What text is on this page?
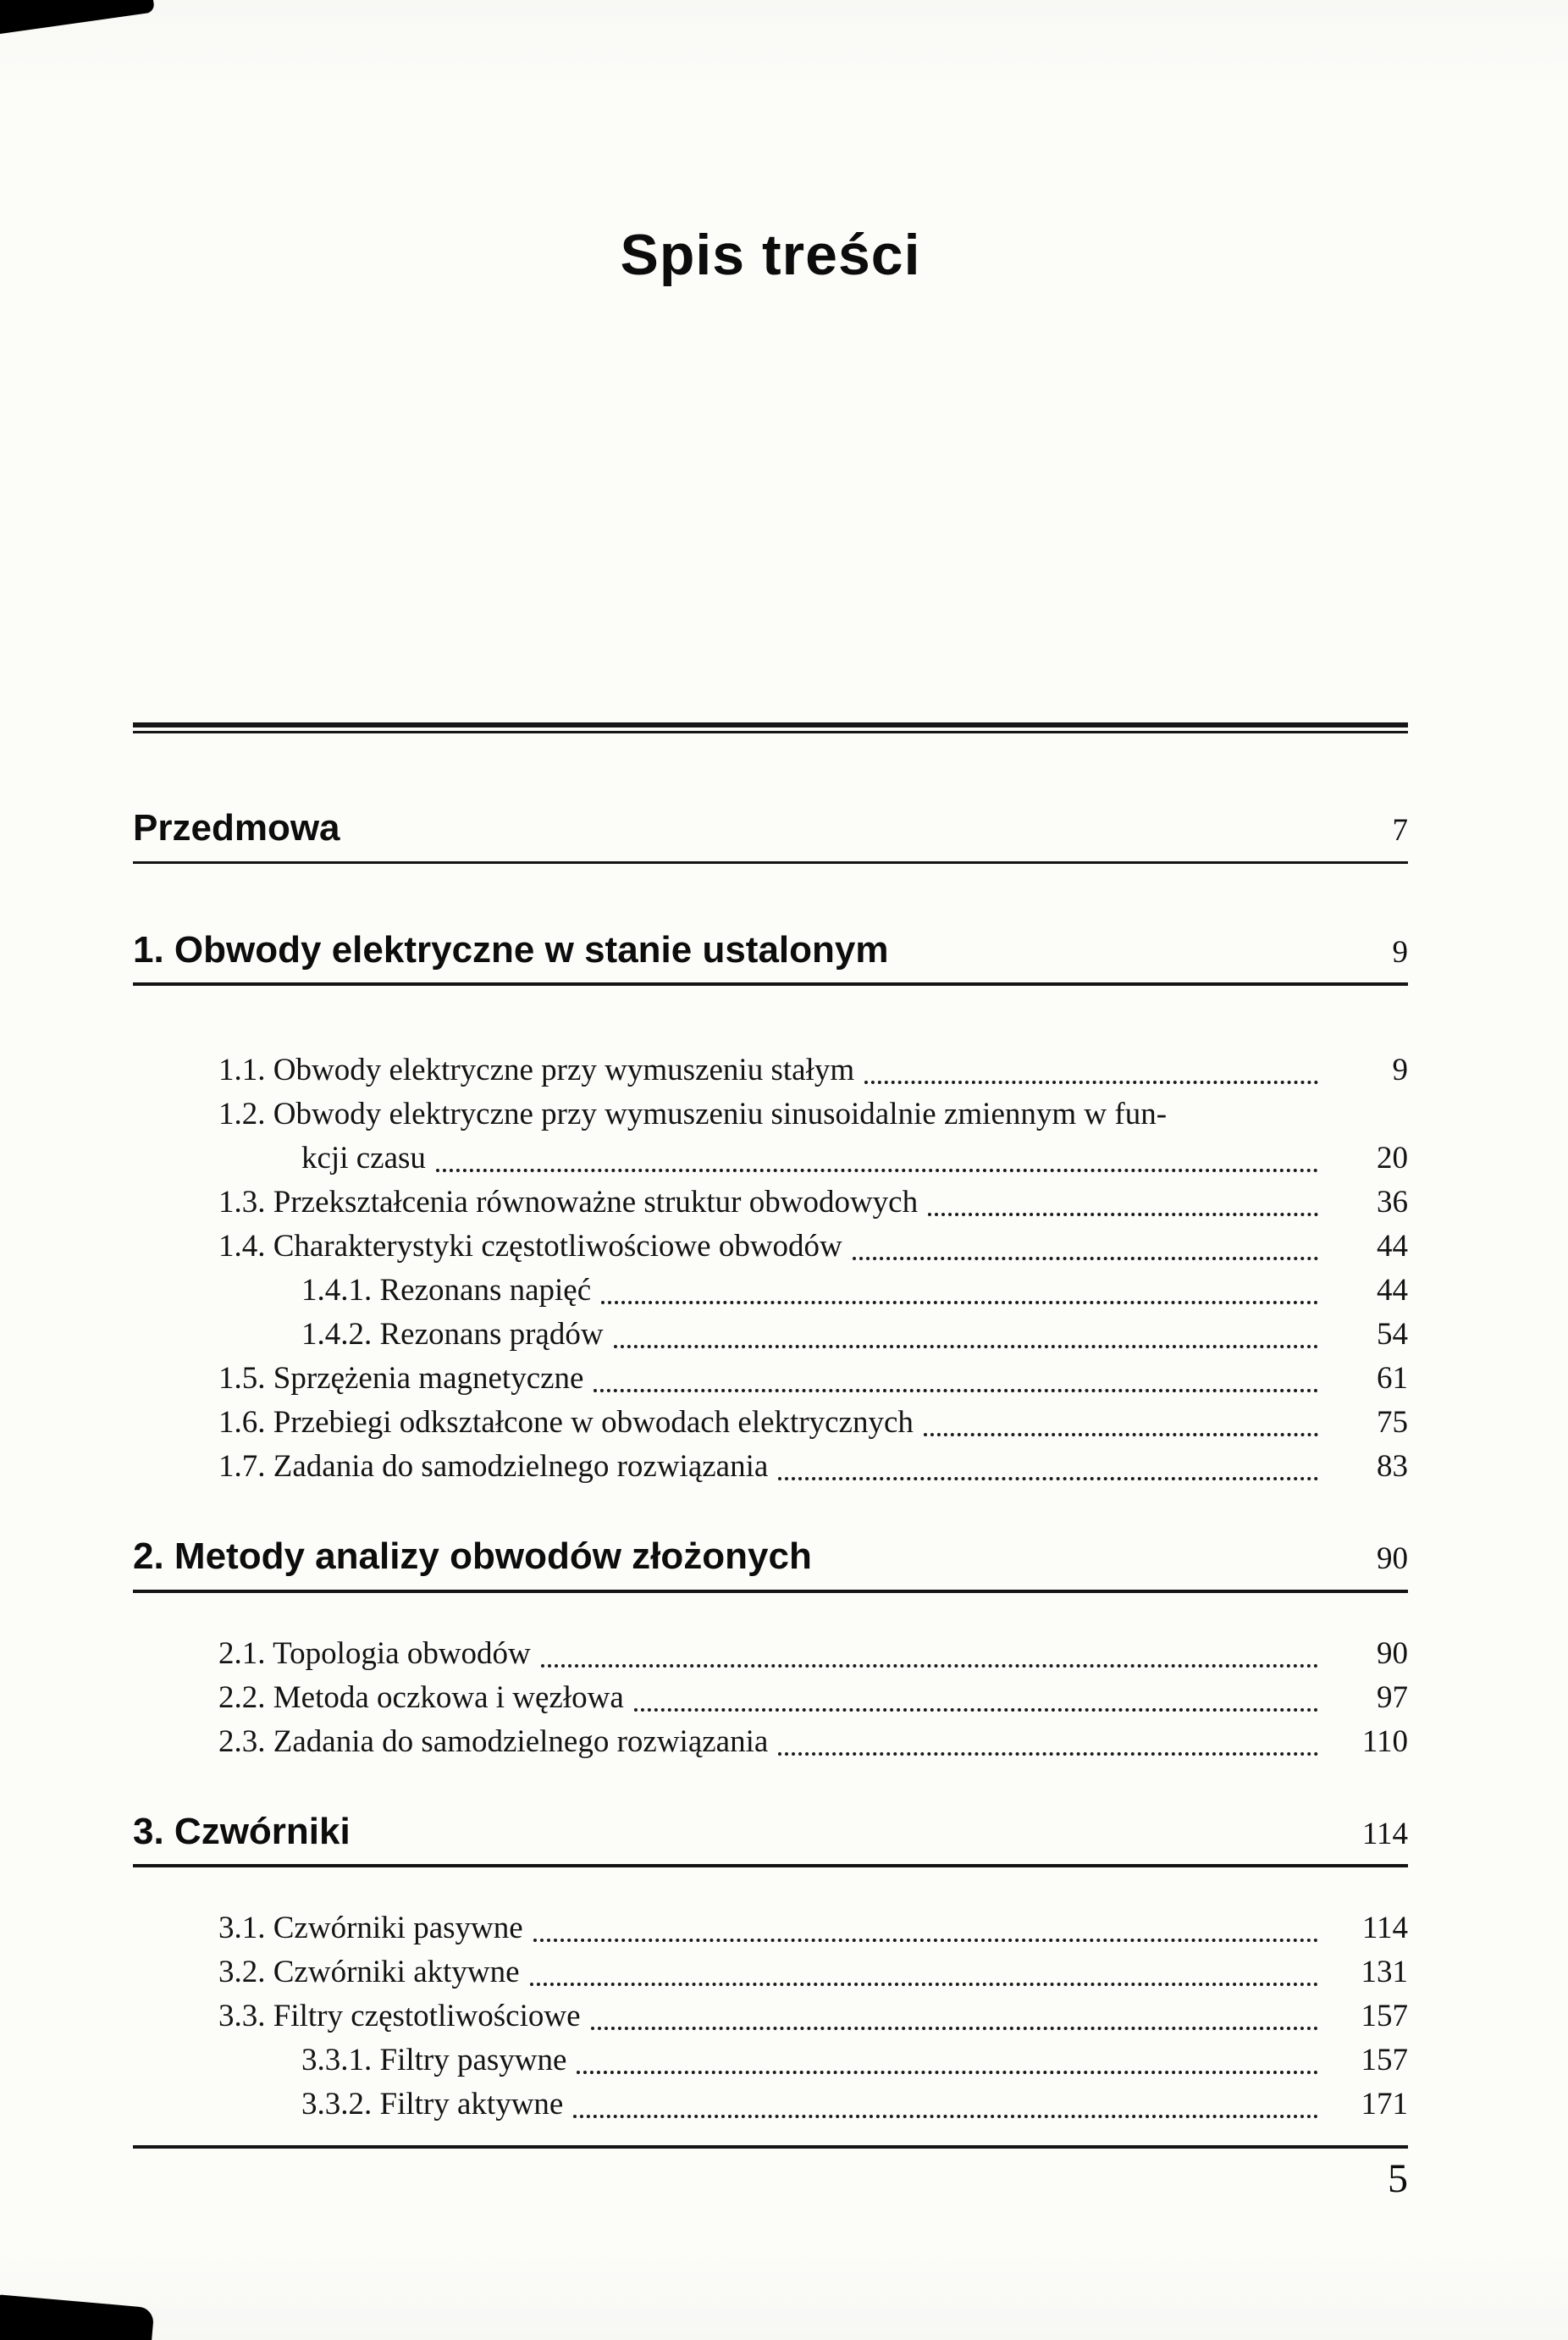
Spis treści
Przedmowa	7
1. Obwody elektryczne w stanie ustalonym	9
1.1. Obwody elektryczne przy wymuszeniu stałym	9
1.2. Obwody elektryczne przy wymuszeniu sinusoidalnie zmiennym w fun-
kcji czasu	20
1.3. Przekształcenia równoważne struktur obwodowych	36
1.4. Charakterystyki częstotliwościowe obwodów	44
1.4.1. Rezonans napięć	44
1.4.2. Rezonans prądów	54
1.5. Sprzężenia magnetyczne	61
1.6. Przebiegi odkształcone w obwodach elektrycznych	75
1.7. Zadania do samodzielnego rozwiązania	83
2. Metody analizy obwodów złożonych	90
2.1. Topologia obwodów	90
2.2. Metoda oczkowa i węzłowa	97
2.3. Zadania do samodzielnego rozwiązania	110
3. Czwórniki	114
3.1. Czwórniki pasywne	114
3.2. Czwórniki aktywne	131
3.3. Filtry częstotliwościowe	157
3.3.1. Filtry pasywne	157
3.3.2. Filtry aktywne	171
5
